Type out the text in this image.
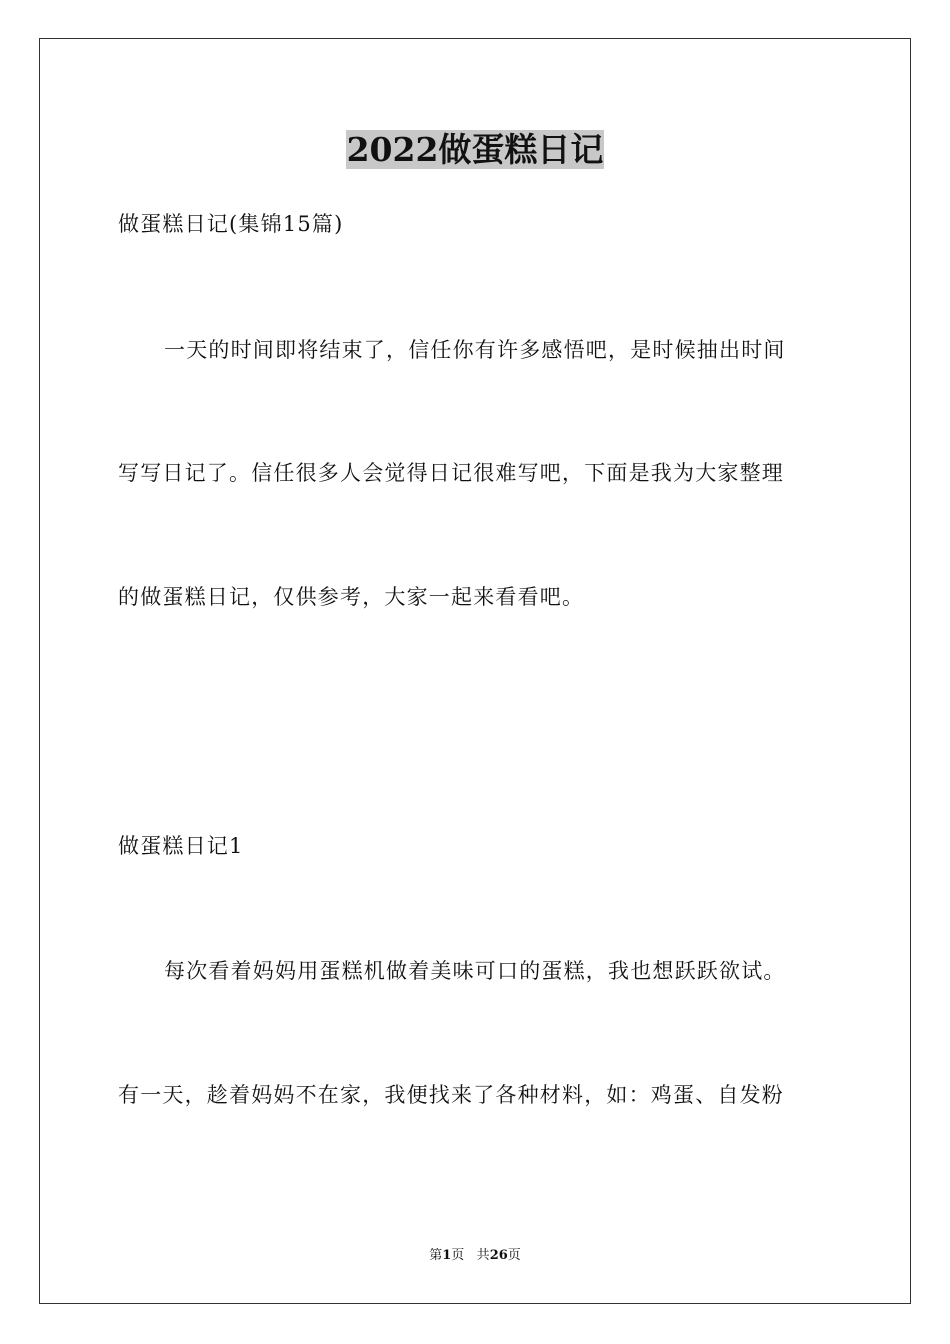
2022做蛋糕日记
做蛋糕日记(集锦15篇)
一天的时间即将结束了，信任你有许多感悟吧，是时候抽出时间
写写日记了。信任很多人会觉得日记很难写吧，下面是我为大家整理
的做蛋糕日记，仅供参考，大家一起来看看吧。
做蛋糕日记1
每次看着妈妈用蛋糕机做着美味可口的蛋糕，我也想跃跃欲试。
有一天，趁着妈妈不在家，我便找来了各种材料，如：鸡蛋、自发粉
第1页 共26页
